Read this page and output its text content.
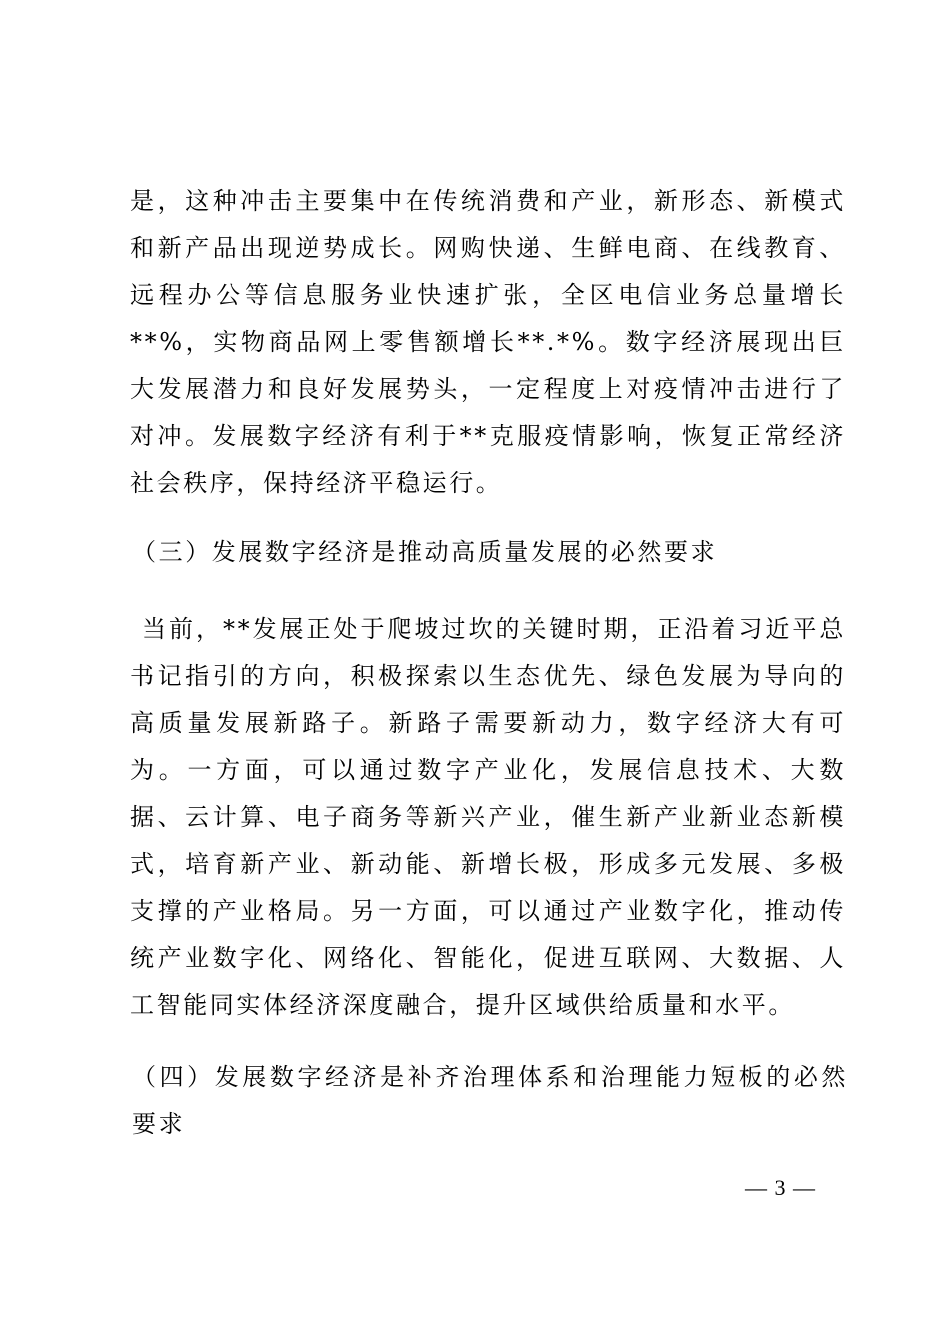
是，这种冲击主要集中在传统消费和产业，新形态、新模式和新产品出现逆势成长。网购快递、生鲜电商、在线教育、远程办公等信息服务业快速扩张，全区电信业务总量增长**%，实物商品网上零售额增长**.*%。数字经济展现出巨大发展潜力和良好发展势头，一定程度上对疫情冲击进行了对冲。发展数字经济有利于**克服疫情影响，恢复正常经济社会秩序，保持经济平稳运行。

（三）发展数字经济是推动高质量发展的必然要求

当前，**发展正处于爬坡过坎的关键时期，正沿着习近平总书记指引的方向，积极探索以生态优先、绿色发展为导向的高质量发展新路子。新路子需要新动力，数字经济大有可为。一方面，可以通过数字产业化，发展信息技术、大数据、云计算、电子商务等新兴产业，催生新产业新业态新模式，培育新产业、新动能、新增长极，形成多元发展、多极支撑的产业格局。另一方面，可以通过产业数字化，推动传统产业数字化、网络化、智能化，促进互联网、大数据、人工智能同实体经济深度融合，提升区域供给质量和水平。

（四）发展数字经济是补齐治理体系和治理能力短板的必然要求

— 3 —
